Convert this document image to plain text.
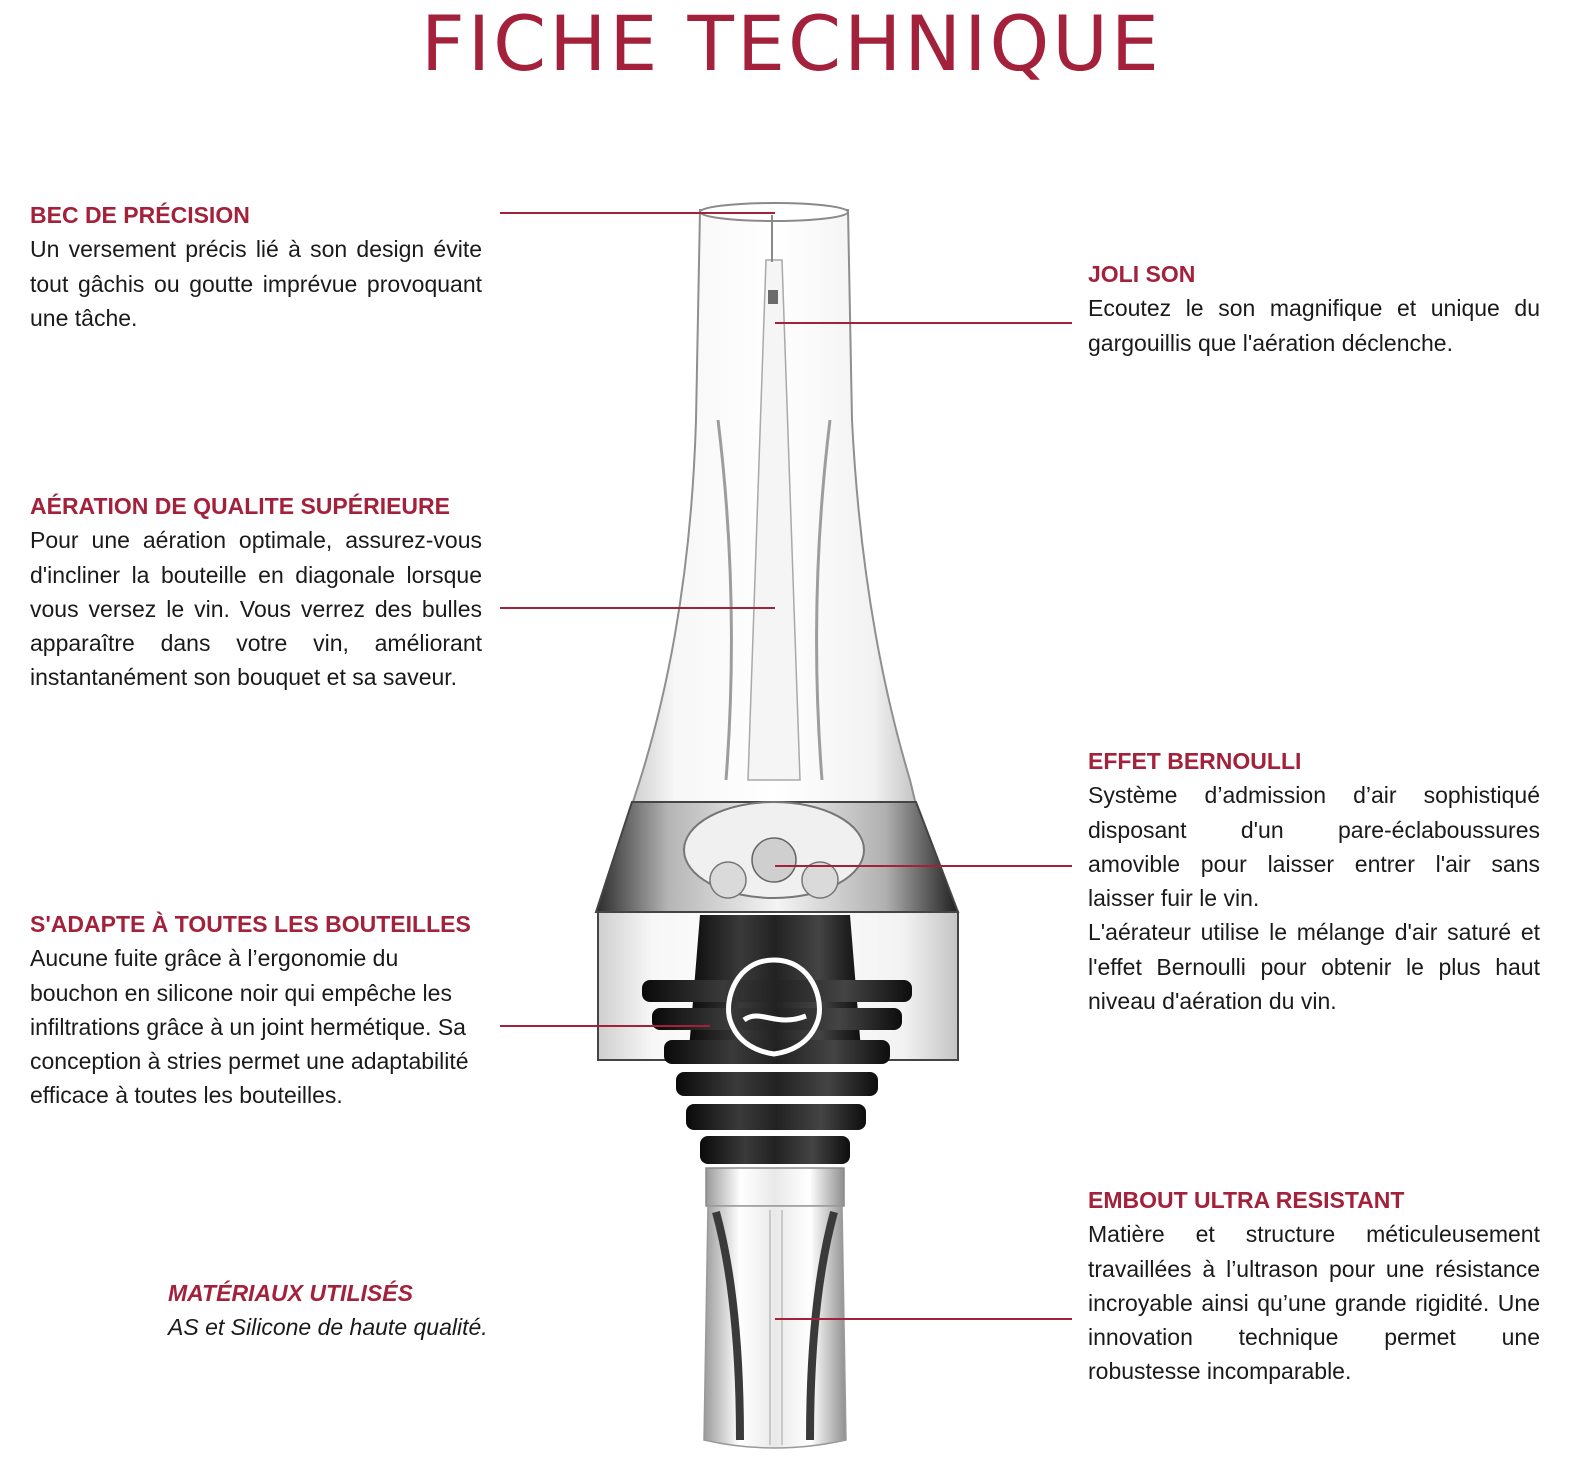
FICHE TECHNIQUE
BEC DE PRÉCISION

Un versement précis lié à son design évite tout gâchis ou goutte imprévue provoquant une tâche.

AÉRATION DE QUALITE SUPÉRIEURE

Pour une aération optimale, assurez-vous d'incliner la bouteille en diagonale lorsque vous versez le vin. Vous verrez des bulles apparaître dans votre vin, améliorant instantanément son bouquet et sa saveur.

S'ADAPTE À TOUTES LES BOUTEILLES

Aucune fuite grâce à l’ergonomie du bouchon en silicone noir qui empêche les infiltrations grâce à un joint hermétique. Sa conception à stries permet une adaptabilité efficace à toutes les bouteilles.

MATÉRIAUX UTILISÉS

AS et Silicone de haute qualité.

JOLI SON

Ecoutez le son magnifique et unique du gargouillis que l'aération déclenche.

EFFET BERNOULLI

Système d’admission d’air sophistiqué disposant d'un pare-éclaboussures amovible pour laisser entrer l'air sans laisser fuir le vin.

L'aérateur utilise le mélange d'air saturé et l'effet Bernoulli pour obtenir le plus haut niveau d'aération du vin.

EMBOUT ULTRA RESISTANT

Matière et structure méticuleusement travaillées à l’ultrason pour une résistance incroyable ainsi qu’une grande rigidité. Une innovation technique permet une robustesse incomparable.
